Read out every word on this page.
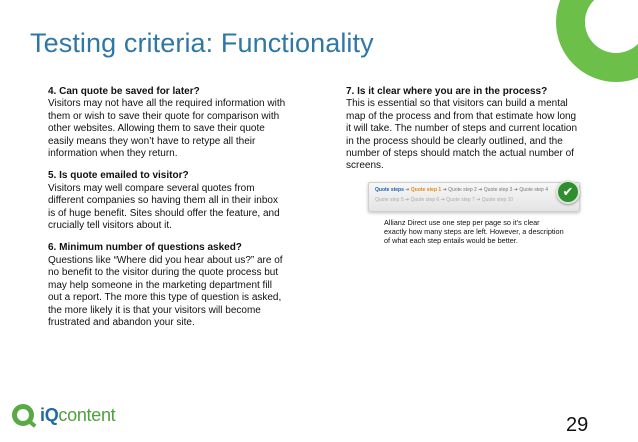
Testing criteria: Functionality
4. Can quote be saved for later?
Visitors may not have all the required information with
them or wish to save their quote for comparison with
other websites. Allowing them to save their quote
easily means they won’t have to retype all their
information when they return.
5. Is quote emailed to visitor?
Visitors may well compare several quotes from
different companies so having them all in their inbox
is of huge benefit. Sites should offer the feature, and
crucially tell visitors about it.
6. Minimum number of questions asked?
Questions like “Where did you hear about us?” are of
no benefit to the visitor during the quote process but
may help someone in the marketing department fill
out a report. The more this type of question is asked,
the more likely it is that your visitors will become
frustrated and abandon your site.
7. Is it clear where you are in the process?
This is essential so that visitors can build a mental
map of the process and from that estimate how long
it will take. The number of steps and current location
in the process should be clearly outlined, and the
number of steps should match the actual number of
screens.
Quote steps ➔ Quote step 1 ➔ Quote step 2 ➔ Quote step 3 ➔ Quote step 4
Quote step 5 ➔ Quote step 6 ➔ Quote step 7 ➔ Quote step 10
✔
Allianz Direct use one step per page so it’s clear exactly how many steps are left. However, a description of what each step entails would be better.
iQcontent	29
